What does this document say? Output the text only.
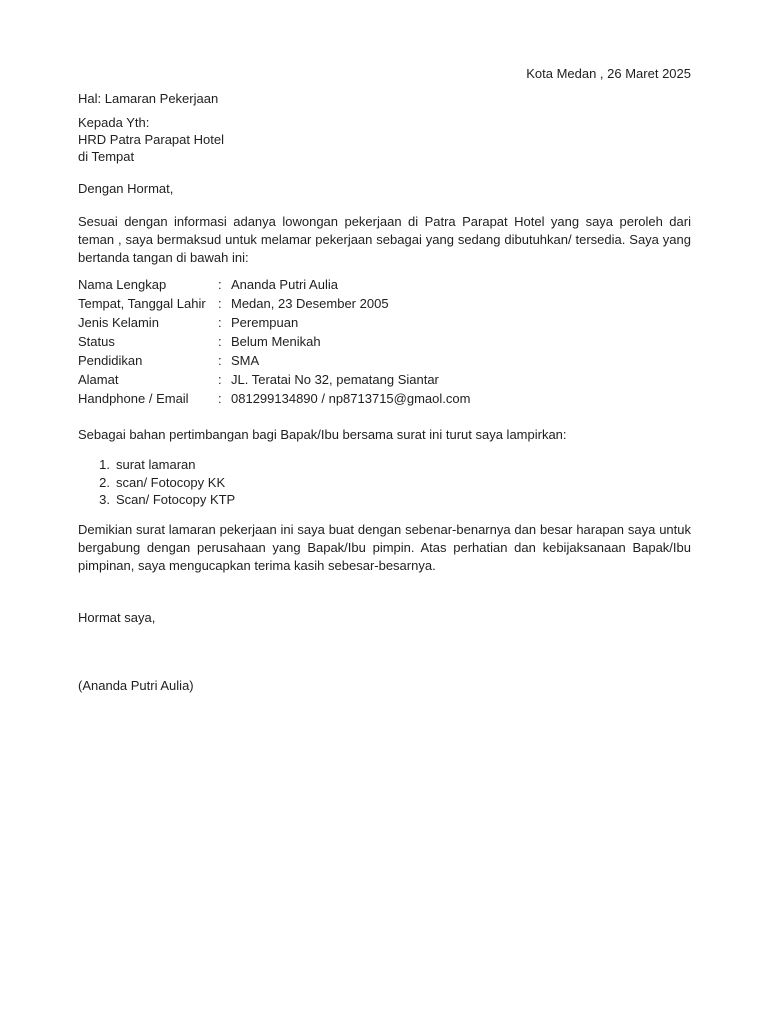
Kota Medan , 26 Maret 2025

Hal: Lamaran Pekerjaan

Kepada Yth:
HRD Patra Parapat Hotel
di Tempat

Dengan Hormat,

Sesuai dengan informasi adanya lowongan pekerjaan di Patra Parapat Hotel yang saya peroleh dari teman , saya bermaksud untuk melamar pekerjaan sebagai yang sedang dibutuhkan/ tersedia. Saya yang bertanda tangan di bawah ini:

Nama Lengkap	:	Ananda Putri Aulia
Tempat, Tanggal Lahir	:	Medan, 23 Desember 2005
Jenis Kelamin	:	Perempuan
Status	:	Belum Menikah
Pendidikan	:	SMA
Alamat	:	JL. Teratai No 32, pematang Siantar
Handphone / Email	:	081299134890 / np8713715@gmaol.com

Sebagai bahan pertimbangan bagi Bapak/Ibu bersama surat ini turut saya lampirkan:

1. surat lamaran
2. scan/ Fotocopy KK
3. Scan/ Fotocopy KTP

Demikian surat lamaran pekerjaan ini saya buat dengan sebenar-benarnya dan besar harapan saya untuk bergabung dengan perusahaan yang Bapak/Ibu pimpin. Atas perhatian dan kebijaksanaan Bapak/Ibu pimpinan, saya mengucapkan terima kasih sebesar-besarnya.

Hormat saya,

(Ananda Putri Aulia)
